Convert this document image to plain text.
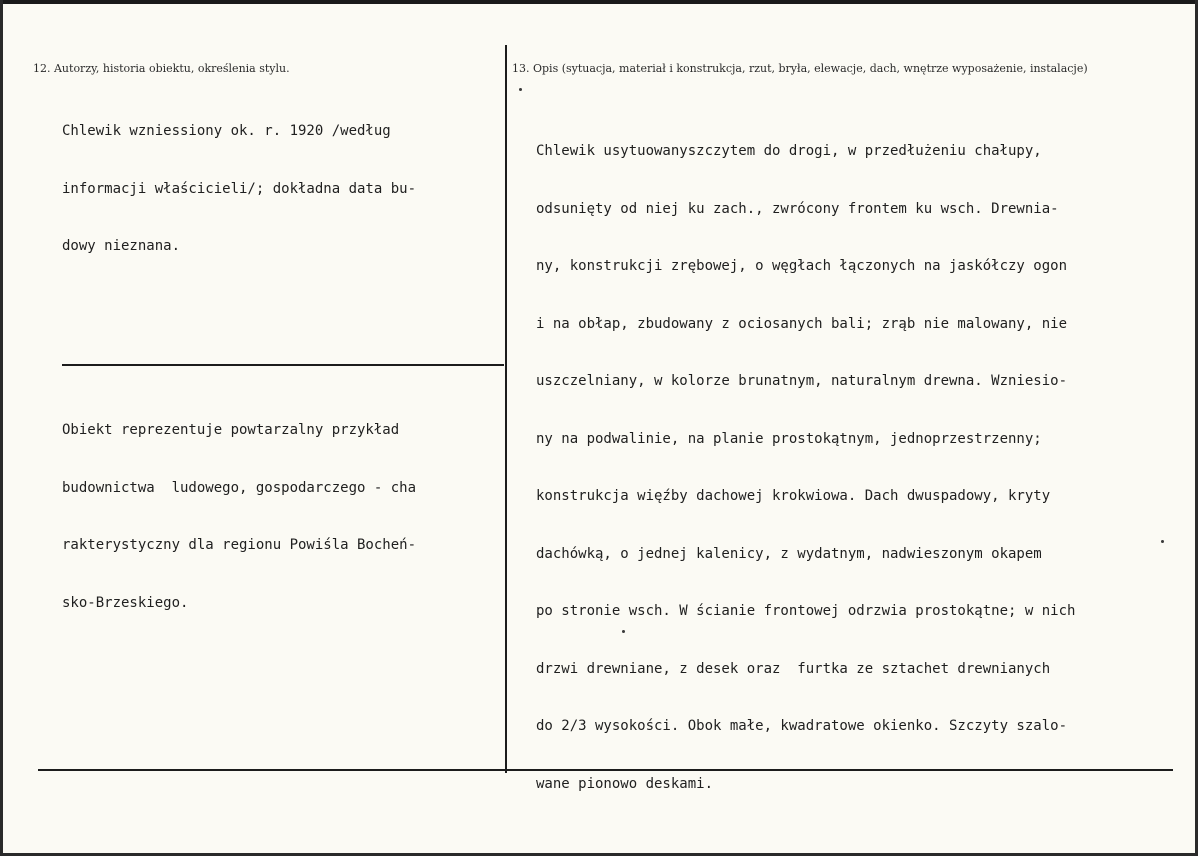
12. Autorzy, historia obiektu, określenia stylu.	13. Opis (sytuacja, materiał i konstrukcja, rzut, bryła, elewacje, dach, wnętrze wyposażenie, instalacje)

Chlewik wzniessiony ok. r. 1920 /według

informacji właścicieli/; dokładna data bu-

dowy nieznana.

Obiekt reprezentuje powtarzalny przykład

budownictwa  ludowego, gospodarczego - cha

rakterystyczny dla regionu Powiśla Bocheń-

sko-Brzeskiego.

Chlewik usytuowanyszczytem do drogi, w przedłużeniu chałupy,

odsunięty od niej ku zach., zwrócony frontem ku wsch. Drewnia-

ny, konstrukcji zrębowej, o węgłach łączonych na jaskółczy ogon

i na obłap, zbudowany z ociosanych bali; zrąb nie malowany, nie

uszczelniany, w kolorze brunatnym, naturalnym drewna. Wzniesio-

ny na podwalinie, na planie prostokątnym, jednoprzestrzenny;

konstrukcja więźby dachowej krokwiowa. Dach dwuspadowy, kryty

dachówką, o jednej kalenicy, z wydatnym, nadwieszonym okapem

po stronie wsch. W ścianie frontowej odrzwia prostokątne; w nich

drzwi drewniane, z desek oraz  furtka ze sztachet drewnianych

do 2/3 wysokości. Obok małe, kwadratowe okienko. Szczyty szalo-

wane pionowo deskami.
